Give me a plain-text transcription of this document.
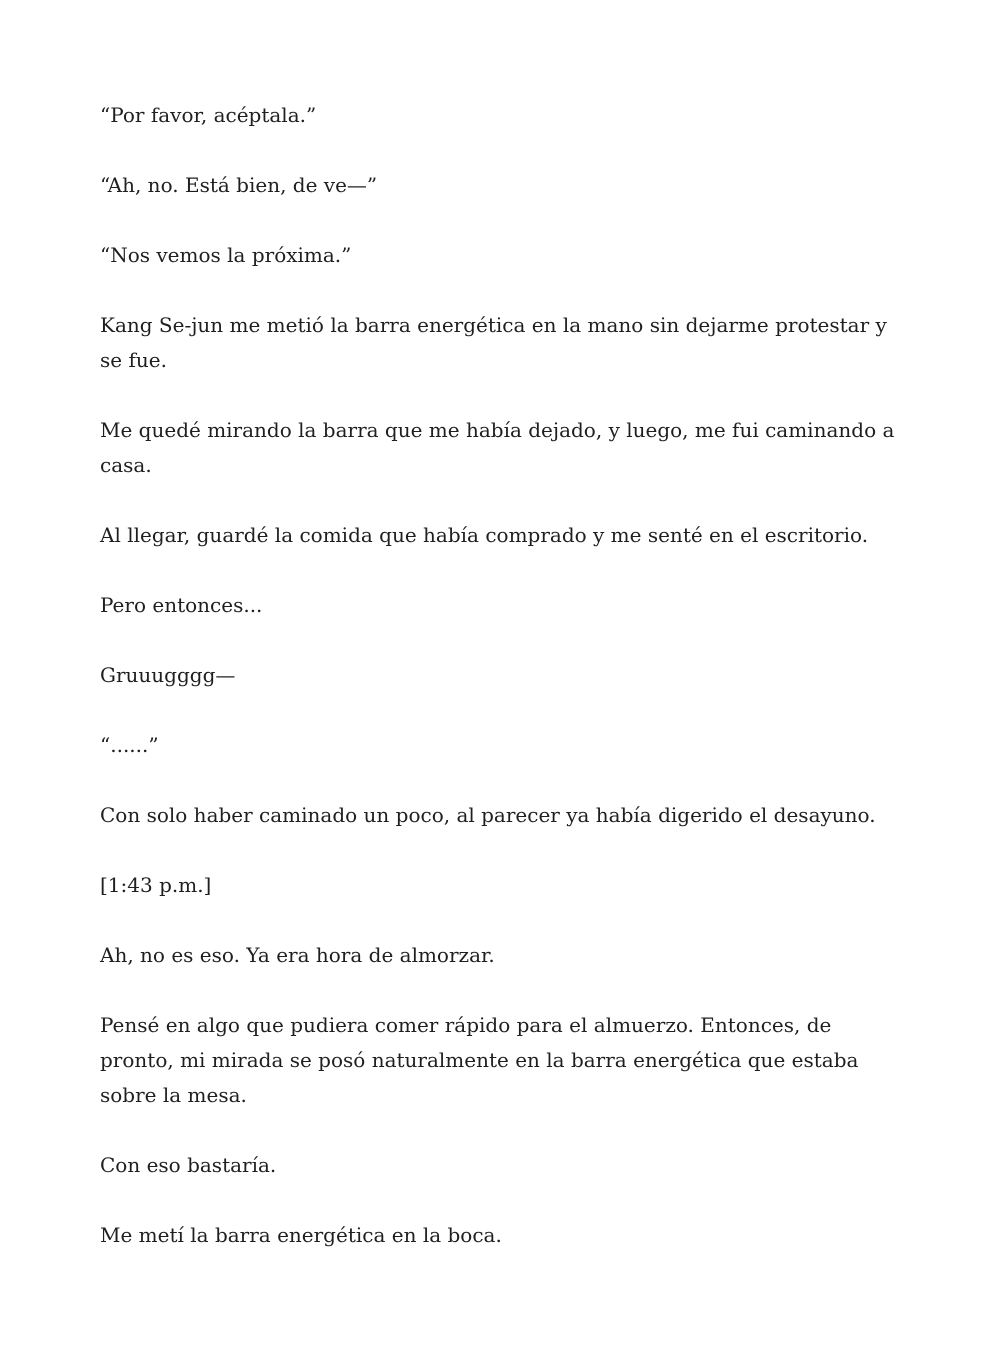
“Por favor, acéptala.”

“Ah, no. Está bien, de ve—”

“Nos vemos la próxima.”

Kang Se-jun me metió la barra energética en la mano sin dejarme protestar y se fue.

Me quedé mirando la barra que me había dejado, y luego, me fui caminando a casa.

Al llegar, guardé la comida que había comprado y me senté en el escritorio.

Pero entonces...

Gruuugggg—

“......”

Con solo haber caminado un poco, al parecer ya había digerido el desayuno.

[1:43 p.m.]

Ah, no es eso. Ya era hora de almorzar.

Pensé en algo que pudiera comer rápido para el almuerzo. Entonces, de pronto, mi mirada se posó naturalmente en la barra energética que estaba sobre la mesa.

Con eso bastaría.

Me metí la barra energética en la boca.
